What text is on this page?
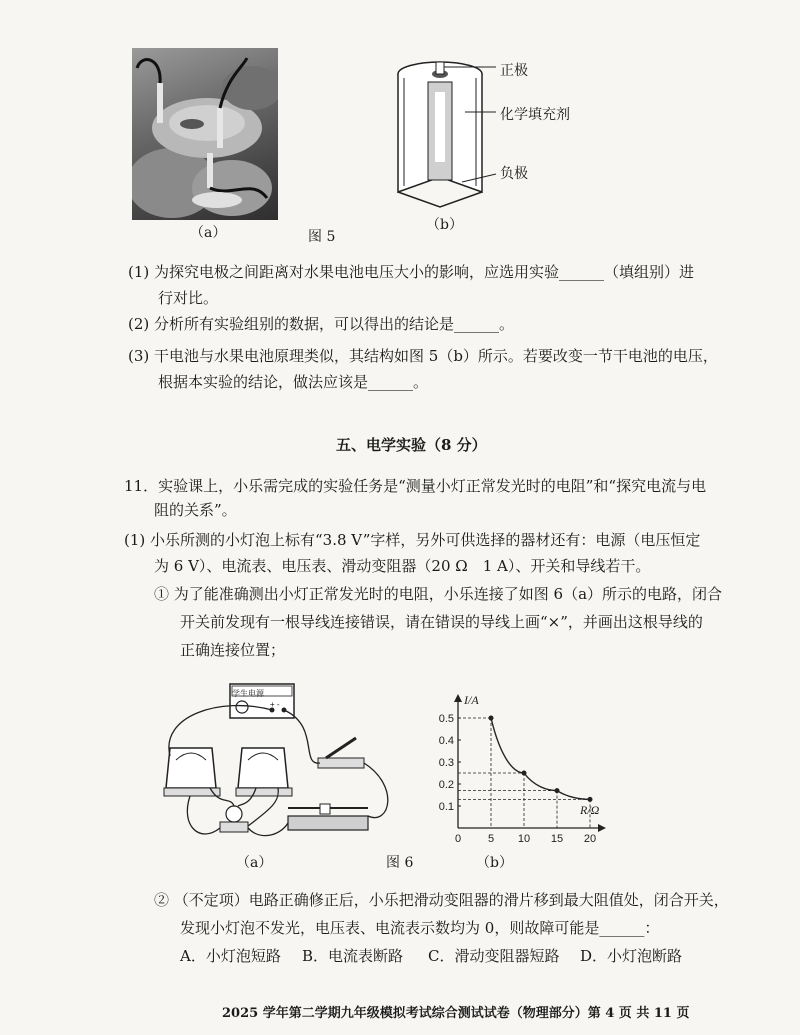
（a）	图 5
正极
化学填充剂
负极
（b）
(1) 为探究电极之间距离对水果电池电压大小的影响，应选用实验______（填组别）进
行对比。
(2) 分析所有实验组别的数据，可以得出的结论是______。
(3) 干电池与水果电池原理类似，其结构如图 5（b）所示。若要改变一节干电池的电压，
根据本实验的结论，做法应该是______。
五、电学实验（8 分）
11．实验课上，小乐需完成的实验任务是“测量小灯正常发光时的电阻”和“探究电流与电
阻的关系”。
(1) 小乐所测的小灯泡上标有“3.8 V”字样，另外可供选择的器材还有：电源（电压恒定
为 6 V）、电流表、电压表、滑动变阻器（20 Ω　1 A）、开关和导线若干。
① 为了能准确测出小灯正常发光时的电阻，小乐连接了如图 6（a）所示的电路，闭合
开关前发现有一根导线连接错误，请在错误的导线上画“×”，并画出这根导线的
正确连接位置；
学生电源
+ -
（a）	图 6
I/A
R/Ω
0 5 10 15 20
0.1
0.2
0.3
0.4
0.5
（b）
② （不定项）电路正确修正后，小乐把滑动变阻器的滑片移到最大阻值处，闭合开关，
发现小灯泡不发光，电压表、电流表示数均为 0，则故障可能是______：
A．小灯泡短路 B．电流表断路 C．滑动变阻器短路 D．小灯泡断路
2025 学年第二学期九年级模拟考试综合测试试卷（物理部分）第 4 页 共 11 页
